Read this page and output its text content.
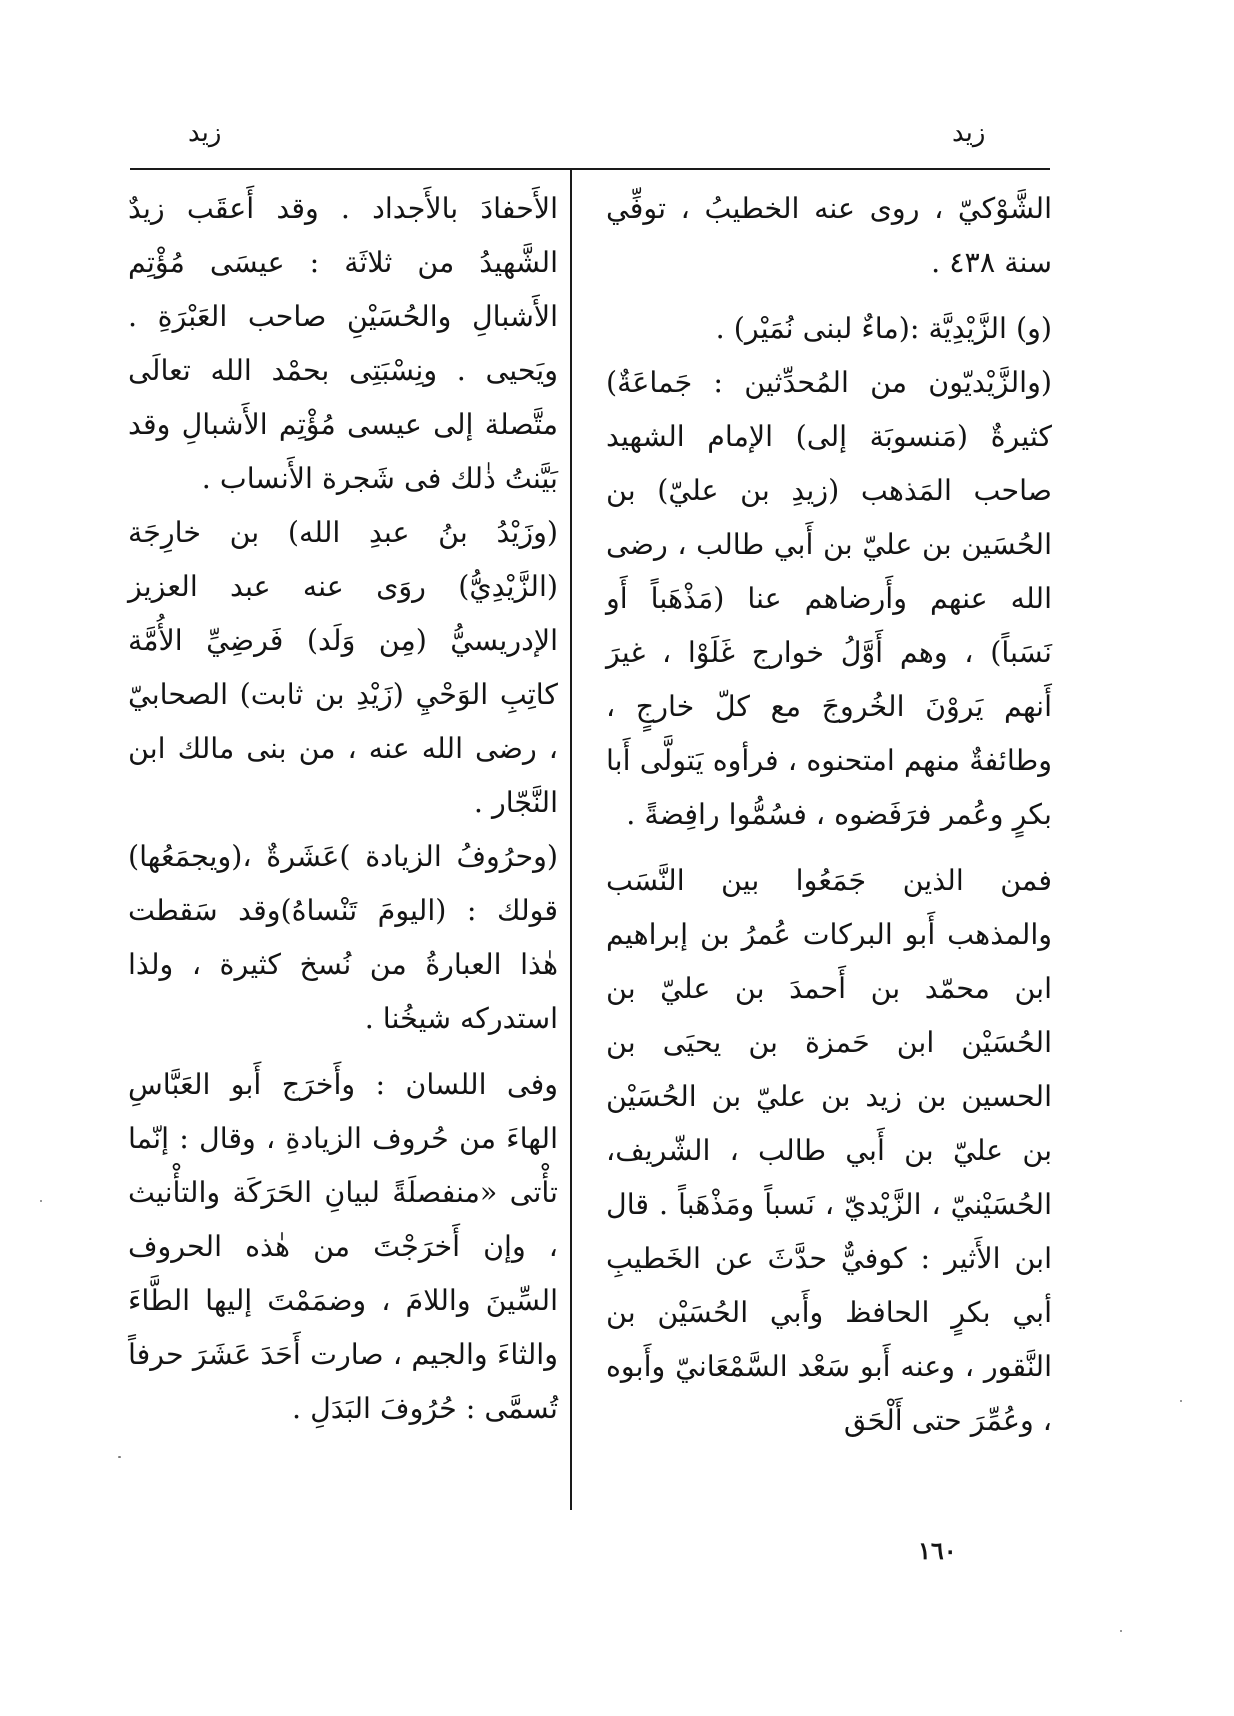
زيد	زيد

الشَّوْكيّ ، روى عنه الخطيبُ ، توفِّي سنة ٤٣٨ .

(و) الزَّيْدِيَّة :(ماءٌ لبنى نُمَيْر) .

(والزَّيْديّون من المُحدِّثين : جَماعَةٌ) كثيرةٌ (مَنسوبَة إلى) الإمام الشهيد صاحب المَذهب (زيدِ بن عليّ) بن الحُسَين بن عليّ بن أَبي طالب ، رضى الله عنهم وأَرضاهم عنا (مَذْهَباً أَو نَسَباً) ، وهم أَوَّلُ خوارج غَلَوْا ، غيرَ أَنهم يَروْنَ الخُروجَ مع كلّ خارجٍ ، وطائفةٌ منهم امتحنوه ، فرأوه يَتولَّى أَبا بكرٍ وعُمر فرَفَضوه ، فسُمُّوا رافِضةً .

فمن الذين جَمَعُوا بين النَّسَب والمذهب أَبو البركات عُمرُ بن إبراهيم ابن محمّد بن أَحمدَ بن عليّ بن الحُسَيْن ابن حَمزة بن يحيَى بن الحسين بن زيد بن عليّ بن الحُسَيْن بن عليّ بن أَبي طالب ، الشّريف، الحُسَيْنيّ ، الزَّيْديّ ، نَسباً ومَذْهَباً . قال ابن الأَثير : كوفيٌّ حدَّثَ عن الخَطيبِ أبي بكرٍ الحافظ وأَبي الحُسَيْن بن النَّقور ، وعنه أَبو سَعْد السَّمْعَانيّ وأَبوه ، وعُمِّرَ حتى أَلْحَق

الأَحفادَ بالأَجداد . وقد أَعقَب زيدٌ الشَّهيدُ من ثلاثَة : عيسَى مُؤْتِم الأَشبالِ والحُسَيْنِ صاحب العَبْرَةِ . ويَحيى . ونِسْبَتِى بحمْد الله تعالَى متَّصلة إلى عيسى مُؤْتِم الأَشبالِ وقد بَيَّنتُ ذٰلك فى شَجرة الأَنساب .

(وزَيْدُ بنُ عبدِ الله) بن خارِجَة (الزَّيْدِيُّ) روَى عنه عبد العزيز الإدريسيُّ (مِن وَلَد) فَرضِيِّ الأُمَّة كاتِبِ الوَحْيِ (زَيْدِ بن ثابت) الصحابيّ ، رضى الله عنه ، من بنى مالك ابن النَّجّار .

(وحرُوفُ الزيادة )عَشَرةٌ ،(ويجمَعُها) قولك : (اليومَ تَنْساهُ)وقد سَقطت هٰذا العبارةُ من نُسخ كثيرة ، ولذا استدركه شيخُنا .

وفى اللسان : وأَخرَج أَبو العَبَّاسِ الهاءَ من حُروف الزيادةِ ، وقال : إنّما تأْتى «منفصلَةً لبيانِ الحَرَكَة والتأْنيث ، وإن أَخرَجْتَ من هٰذه الحروف السِّينَ واللامَ ، وضمَمْتَ إليها الطَّاءَ والثاءَ والجيم ، صارت أَحَدَ عَشَرَ حرفاً تُسمَّى : حُرُوفَ البَدَلِ .

١٦٠
